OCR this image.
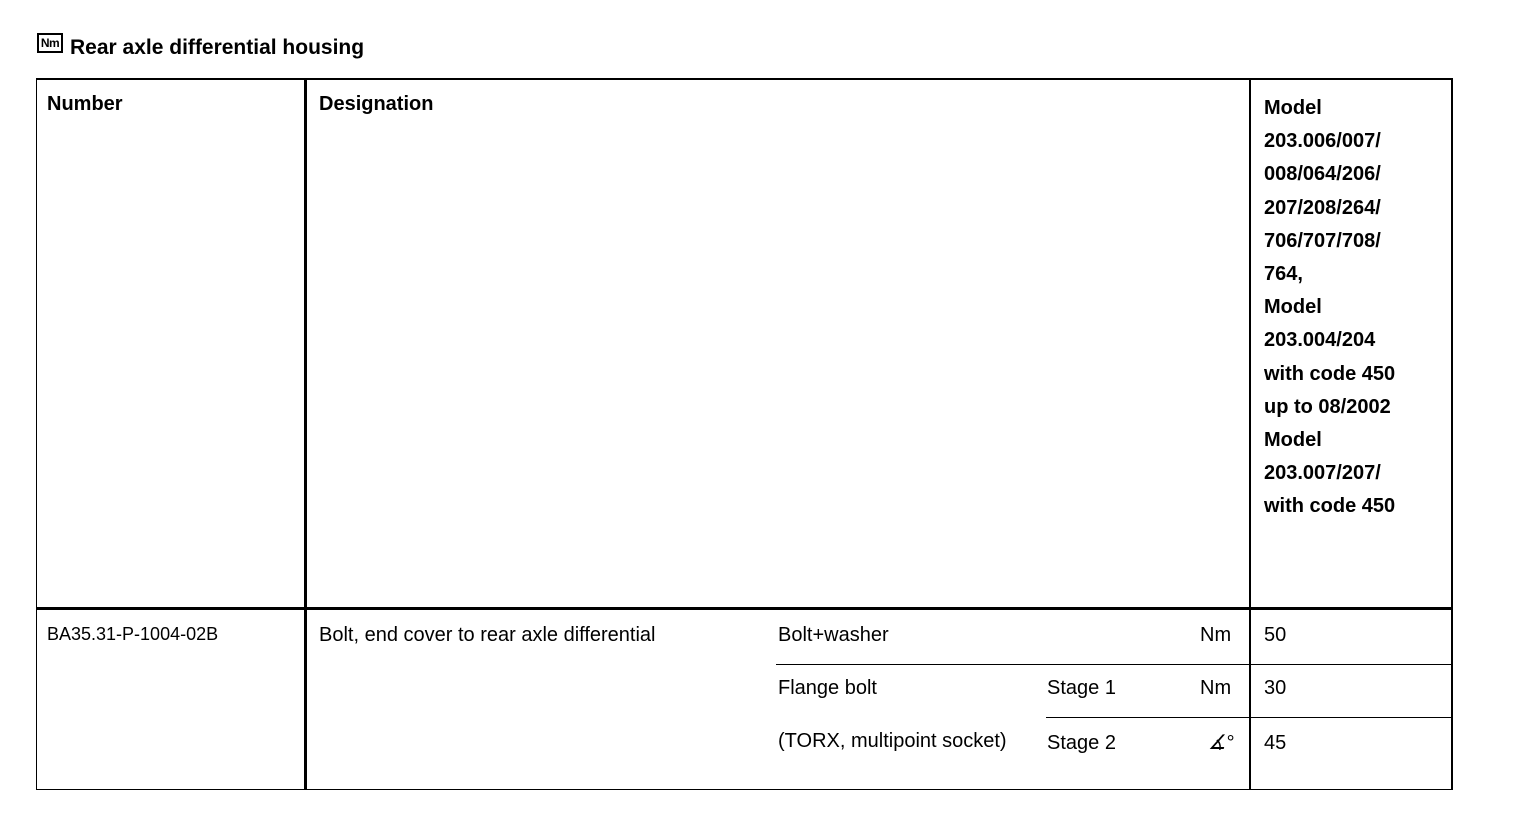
Nm Rear axle differential housing
Number	Designation	Model
203.006/007/
008/064/206/
207/208/264/
706/707/708/
764,
Model
203.004/204
with code 450
up to 08/2002
Model
203.007/207/
with code 450
BA35.31-P-1004-02B	Bolt, end cover to rear axle differential	Bolt+washer	Nm 50
Flange bolt	Stage 1	Nm 30
(TORX, multipoint socket) Stage 2	∡° 45
